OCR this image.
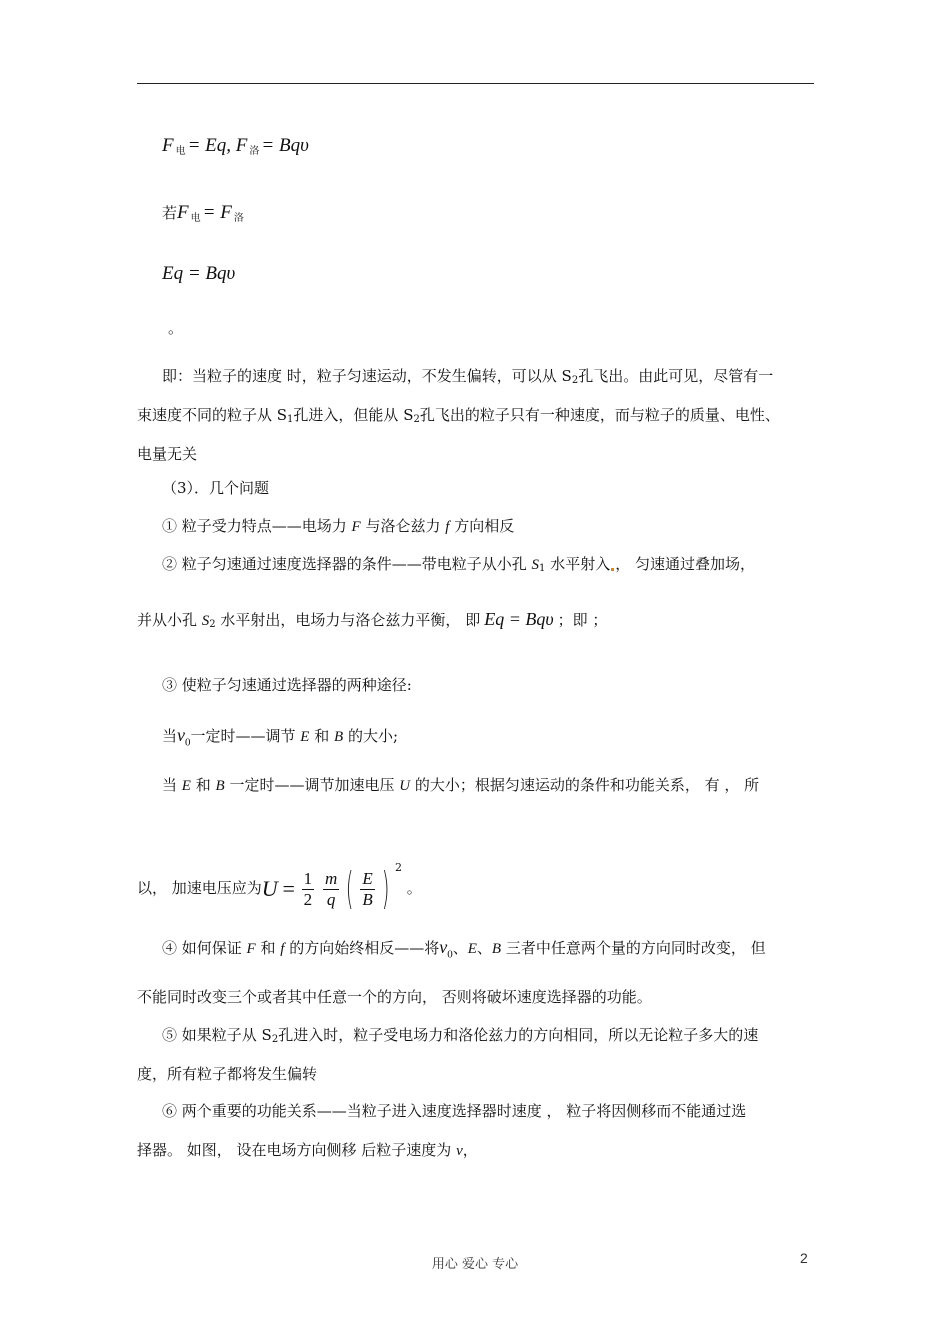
F $_电$ = Eq, F $_洛$ = Bqυ
若F $_电$ = F $_洛$
Eq = Bqυ
。
即：当粒子的速度 时，粒子匀速运动，不发生偏转，可以从 S2孔飞出。由此可见，尽管有一
束速度不同的粒子从 S1孔进入，但能从 S2孔飞出的粒子只有一种速度，而与粒子的质量、电性、
电量无关
（3）．几个问题
① 粒子受力特点——电场力 F 与洛仑兹力 f 方向相反
② 粒子匀速通过速度选择器的条件——带电粒子从小孔 S1 水平射入 ， 匀速通过叠加场，
并从小孔 S2 水平射出，电场力与洛仑兹力平衡， 即 Eq = Bqυ ；即 ；
③ 使粒子匀速通过选择器的两种途径:
当$v_0$一定时——调节 E 和 B 的大小;
当 E 和 B 一定时——调节加速电压 U 的大小；根据匀速运动的条件和功能关系， 有 ， 所
以， 加速电压应为$U = \frac{1}{2}$
$\frac{m}{q}$ ( $\frac{E}{B}$ ) $^2$ 。
④ 如何保证 F 和 f 的方向始终相反——将$v_0$、E、B 三者中任意两个量的方向同时改变， 但
不能同时改变三个或者其中任意一个的方向， 否则将破坏速度选择器的功能。
⑤ 如果粒子从 S2孔进入时，粒子受电场力和洛伦兹力的方向相同，所以无论粒子多大的速
度，所有粒子都将发生偏转
⑥ 两个重要的功能关系——当粒子进入速度选择器时速度 ， 粒子将因侧移而不能通过选
择器。 如图， 设在电场方向侧移 后粒子速度为 v，
用心 爱心 专心	2
